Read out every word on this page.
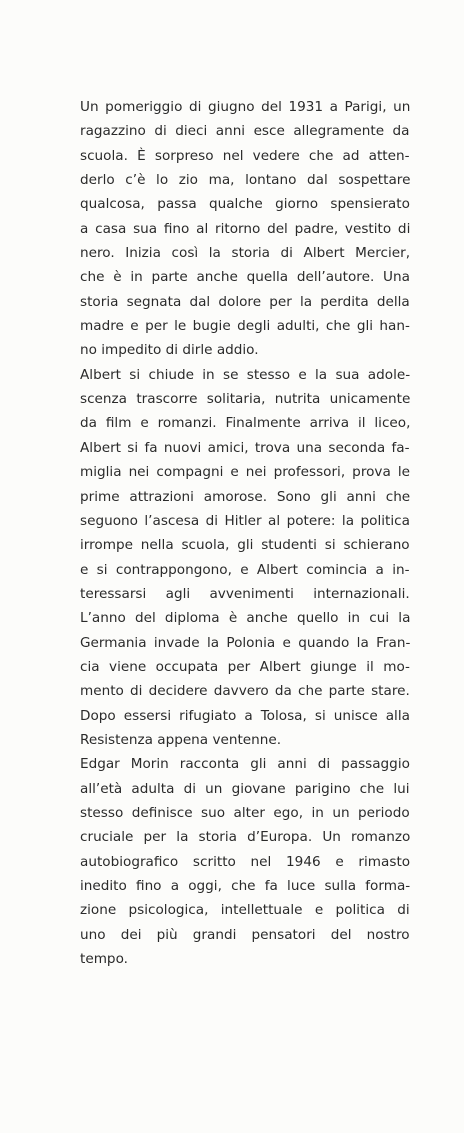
Un pomeriggio di giugno del 1931 a Parigi, un
ragazzino di dieci anni esce allegramente da
scuola. È sorpreso nel vedere che ad atten-
derlo c’è lo zio ma, lontano dal sospettare
qualcosa, passa qualche giorno spensierato
a casa sua fino al ritorno del padre, vestito di
nero. Inizia così la storia di Albert Mercier,
che è in parte anche quella dell’autore. Una
storia segnata dal dolore per la perdita della
madre e per le bugie degli adulti, che gli han-
no impedito di dirle addio.
Albert si chiude in se stesso e la sua adole-
scenza trascorre solitaria, nutrita unicamente
da film e romanzi. Finalmente arriva il liceo,
Albert si fa nuovi amici, trova una seconda fa-
miglia nei compagni e nei professori, prova le
prime attrazioni amorose. Sono gli anni che
seguono l’ascesa di Hitler al potere: la politica
irrompe nella scuola, gli studenti si schierano
e si contrappongono, e Albert comincia a in-
teressarsi agli avvenimenti internazionali.
L’anno del diploma è anche quello in cui la
Germania invade la Polonia e quando la Fran-
cia viene occupata per Albert giunge il mo-
mento di decidere davvero da che parte stare.
Dopo essersi rifugiato a Tolosa, si unisce alla
Resistenza appena ventenne.
Edgar Morin racconta gli anni di passaggio
all’età adulta di un giovane parigino che lui
stesso definisce suo alter ego, in un periodo
cruciale per la storia d’Europa. Un romanzo
autobiografico scritto nel 1946 e rimasto
inedito fino a oggi, che fa luce sulla forma-
zione psicologica, intellettuale e politica di
uno dei più grandi pensatori del nostro
tempo.
